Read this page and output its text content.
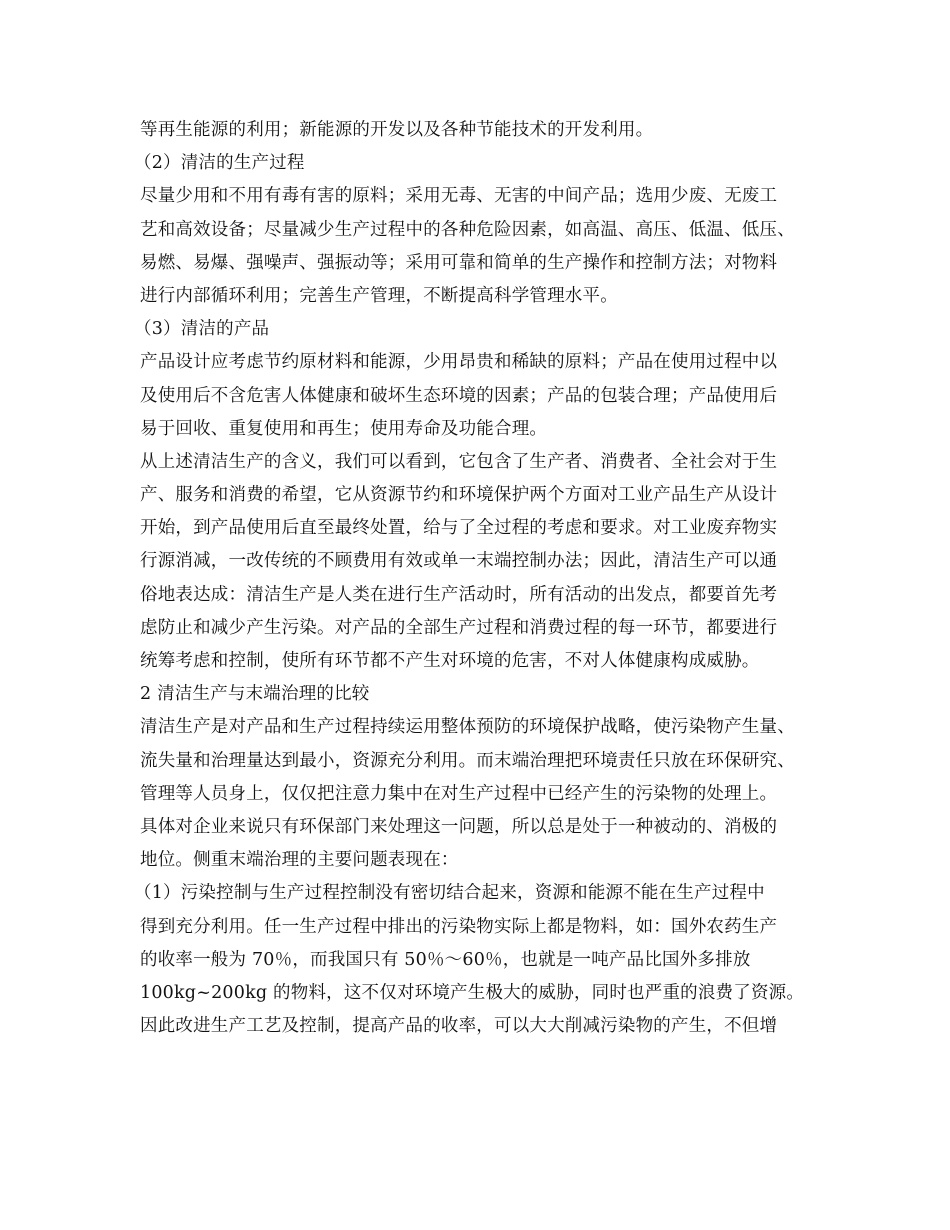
等再生能源的利用；新能源的开发以及各种节能技术的开发利用。
（2）清洁的生产过程
尽量少用和不用有毒有害的原料；采用无毒、无害的中间产品；选用少废、无废工
艺和高效设备；尽量减少生产过程中的各种危险因素，如高温、高压、低温、低压、
易燃、易爆、强噪声、强振动等；采用可靠和简单的生产操作和控制方法；对物料
进行内部循环利用；完善生产管理，不断提高科学管理水平。
（3）清洁的产品
产品设计应考虑节约原材料和能源，少用昂贵和稀缺的原料；产品在使用过程中以
及使用后不含危害人体健康和破坏生态环境的因素；产品的包装合理；产品使用后
易于回收、重复使用和再生；使用寿命及功能合理。
从上述清洁生产的含义，我们可以看到，它包含了生产者、消费者、全社会对于生
产、服务和消费的希望，它从资源节约和环境保护两个方面对工业产品生产从设计
开始，到产品使用后直至最终处置，给与了全过程的考虑和要求。对工业废弃物实
行源消减，一改传统的不顾费用有效或单一末端控制办法；因此，清洁生产可以通
俗地表达成：清洁生产是人类在进行生产活动时，所有活动的出发点，都要首先考
虑防止和减少产生污染。对产品的全部生产过程和消费过程的每一环节，都要进行
统筹考虑和控制，使所有环节都不产生对环境的危害，不对人体健康构成威胁。
2 清洁生产与末端治理的比较
清洁生产是对产品和生产过程持续运用整体预防的环境保护战略，使污染物产生量、
流失量和治理量达到最小，资源充分利用。而末端治理把环境责任只放在环保研究、
管理等人员身上，仅仅把注意力集中在对生产过程中已经产生的污染物的处理上。
具体对企业来说只有环保部门来处理这一问题，所以总是处于一种被动的、消极的
地位。侧重末端治理的主要问题表现在：
（1）污染控制与生产过程控制没有密切结合起来，资源和能源不能在生产过程中
得到充分利用。任一生产过程中排出的污染物实际上都是物料，如：国外农药生产
的收率一般为 70％，而我国只有 50％～60％，也就是一吨产品比国外多排放
100kg~200kg 的物料，这不仅对环境产生极大的威胁，同时也严重的浪费了资源。
因此改进生产工艺及控制，提高产品的收率，可以大大削减污染物的产生，不但增
